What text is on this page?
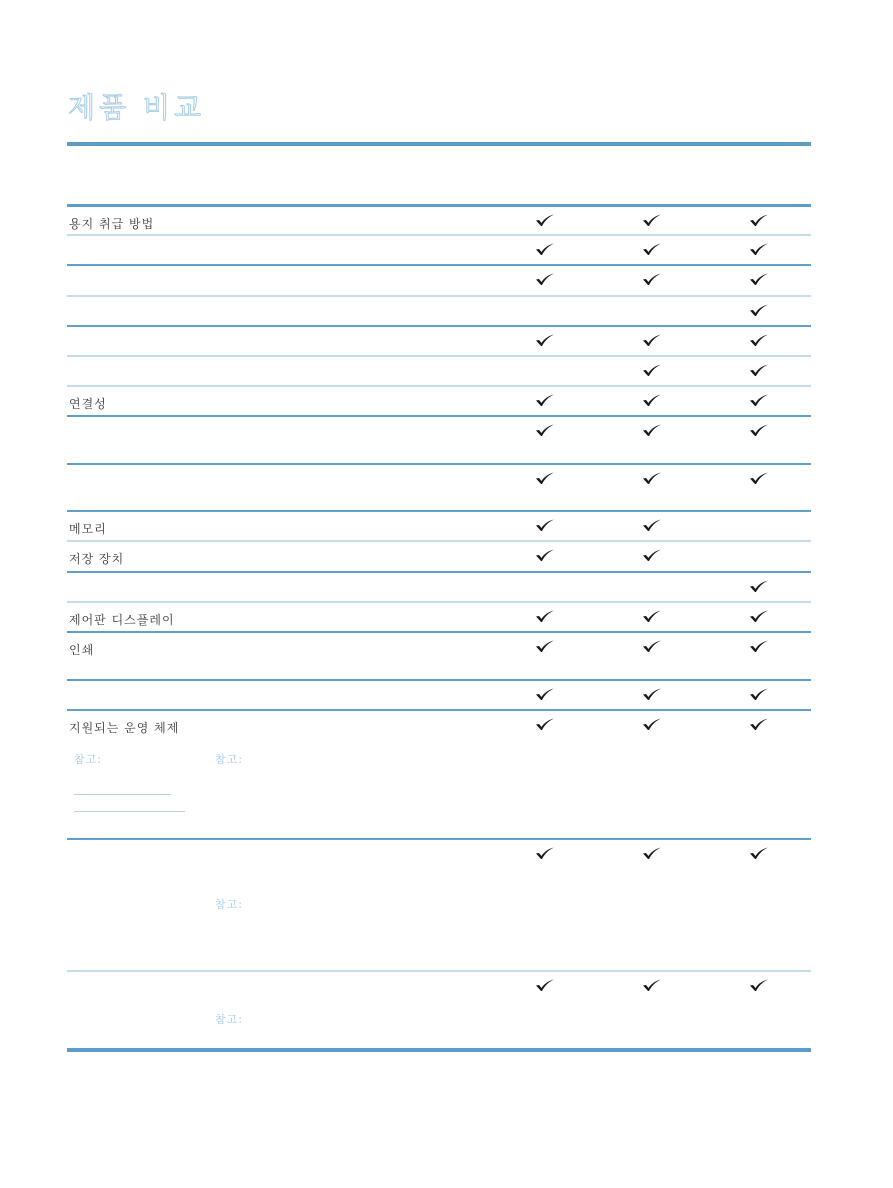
제품 비교
용지 취급 방법
연결성
메모리
저장 장치
제어판 디스플레이
인쇄
지원되는 운영 체제
참고:	참고:
참고:
참고:
